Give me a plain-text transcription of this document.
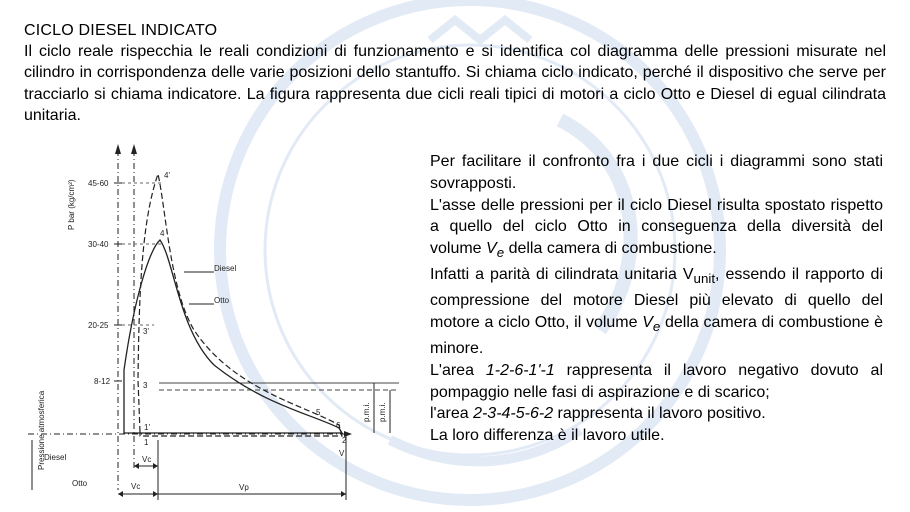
CICLO DIESEL INDICATO
Il ciclo reale rispecchia le reali condizioni di funzionamento e si identifica col diagramma delle pressioni misurate nel cilindro in corrispondenza delle varie posizioni dello stantuffo. Si chiama ciclo indicato, perché il dispositivo che serve per tracciarlo si chiama indicatore. La figura rappresenta due cicli reali tipici di motori a ciclo Otto e Diesel di egual cilindrata unitaria.
P bar (kg/cm²) 45-60
30-40
20-25
8-12
Pressione atmosferica	p.m.i. p.m.i.
Diesel
Otto
4'
4
3'
3
1'
1
5
6
2
V
Diesel
Otto
Vc
Vc	Vp

Per facilitare il confronto fra i due cicli i diagrammi sono stati sovrapposti.

L'asse delle pressioni per il ciclo Diesel risulta spostato rispetto a quello del ciclo Otto in conseguenza della diversità del volume $V_e$ della camera di combustione.

Infatti a parità di cilindrata unitaria $V_{unit}$, essendo il rapporto di compressione del motore Diesel più elevato di quello del motore a ciclo Otto, il volume $V_e$ della camera di combustione è minore.

L'area 1-2-6-1'-1 rappresenta il lavoro negativo dovuto al pompaggio nelle fasi di aspirazione e di scarico;

l'area 2-3-4-5-6-2 rappresenta il lavoro positivo.

La loro differenza è il lavoro utile.
